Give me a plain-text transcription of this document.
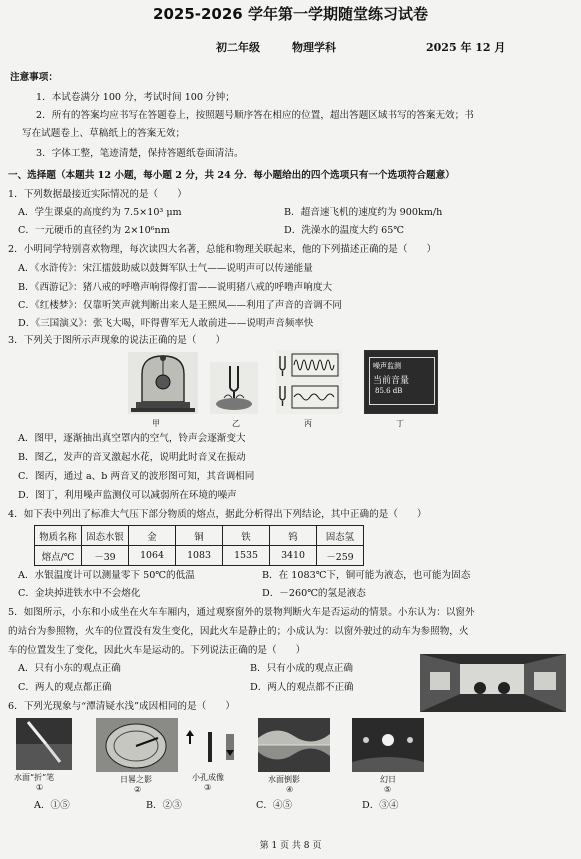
2025-2026 学年第一学期随堂练习试卷
初二年级	物理学科	2025 年 12 月
注意事项：
1．本试卷满分 100 分，考试时间 100 分钟；
2．所有的答案均应书写在答题卷上，按照题号顺序答在相应的位置，超出答题区域书写的答案无效；书
写在试题卷上、草稿纸上的答案无效；
3．字体工整，笔迹清楚，保持答题纸卷面清洁。
一、选择题（本题共 12 小题，每小题 2 分，共 24 分．每小题给出的四个选项只有一个选项符合题意）
1．下列数据最接近实际情况的是（　　）
A．学生课桌的高度约为 7.5×10³ μm	B．超音速飞机的速度约为 900km/h
C．一元硬币的直径约为 2×10⁶nm	D．洗澡水的温度大约 65℃
2．小明同学特别喜欢物理，每次读四大名著，总能和物理关联起来，他的下列描述正确的是（　　）
A．《水浒传》：宋江擂鼓助威以鼓舞军队士气——说明声可以传递能量
B．《西游记》：猪八戒的呼噜声响得像打雷——说明猪八戒的呼噜声响度大
C．《红楼梦》：仅靠听笑声就判断出来人是王熙凤——利用了声音的音调不同
D．《三国演义》：张飞大喝，吓得曹军无人敢前进——说明声音频率快
3．下列关于图所示声现象的说法正确的是（　　）
甲	乙	丙
噪声监测
当前音量
85.6 dB
丁
A．图甲，逐渐抽出真空罩内的空气，铃声会逐渐变大
B．图乙，发声的音叉激起水花，说明此时音叉在振动
C．图丙，通过 a、b 两音叉的波形图可知，其音调相同
D．图丁，利用噪声监测仪可以减弱所在环境的噪声
4．如下表中列出了标准大气压下部分物质的熔点，据此分析得出下列结论，其中正确的是（　　）
物质名称	固态水银	金	铜	铁	钨	固态氢
熔点/℃	－39	1064	1083	1535	3410	－259
A．水银温度计可以测量零下 50℃的低温	B．在 1083℃下，铜可能为液态，也可能为固态
C．金块掉进铁水中不会熔化	D．－260℃的氢是液态
5．如图所示，小东和小成坐在火车车厢内，通过观察窗外的景物判断火车是否运动的情景。小东认为：以窗外
的站台为参照物，火车的位置没有发生变化，因此火车是静止的；小成认为：以窗外驶过的动车为参照物，火
车的位置发生了变化，因此火车是运动的。下列说法正确的是（　　）
A．只有小东的观点正确	B．只有小成的观点正确
C．两人的观点都正确	D．两人的观点都不正确
6．下列光现象与“潭清疑水浅”成因相同的是（　　）
水面“折”笔
①
日晷之影
②
小孔成像
③
水面倒影
④
幻日
⑤
A．①⑤	B．②③	C．④⑤	D．③④
第 1 页 共 8 页
